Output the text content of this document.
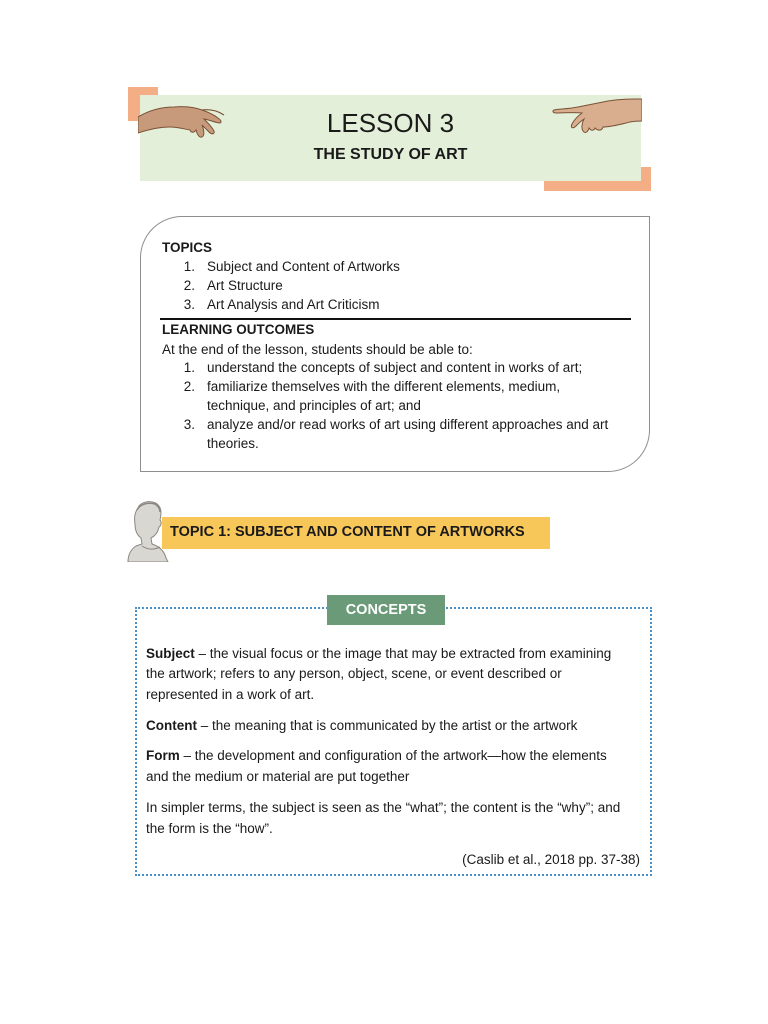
LESSON 3
THE STUDY OF ART
TOPICS
1. Subject and Content of Artworks
2. Art Structure
3. Art Analysis and Art Criticism
LEARNING OUTCOMES
At the end of the lesson, students should be able to:
1. understand the concepts of subject and content in works of art;
2. familiarize themselves with the different elements, medium,
technique, and principles of art; and
3. analyze and/or read works of art using different approaches and art
theories.
TOPIC 1: SUBJECT AND CONTENT OF ARTWORKS
CONCEPTS
Subject – the visual focus or the image that may be extracted from examining
the artwork; refers to any person, object, scene, or event described or
represented in a work of art.
Content – the meaning that is communicated by the artist or the artwork
Form – the development and configuration of the artwork—how the elements
and the medium or material are put together
In simpler terms, the subject is seen as the “what”; the content is the “why”; and
the form is the “how”.
(Caslib et al., 2018 pp. 37-38)
